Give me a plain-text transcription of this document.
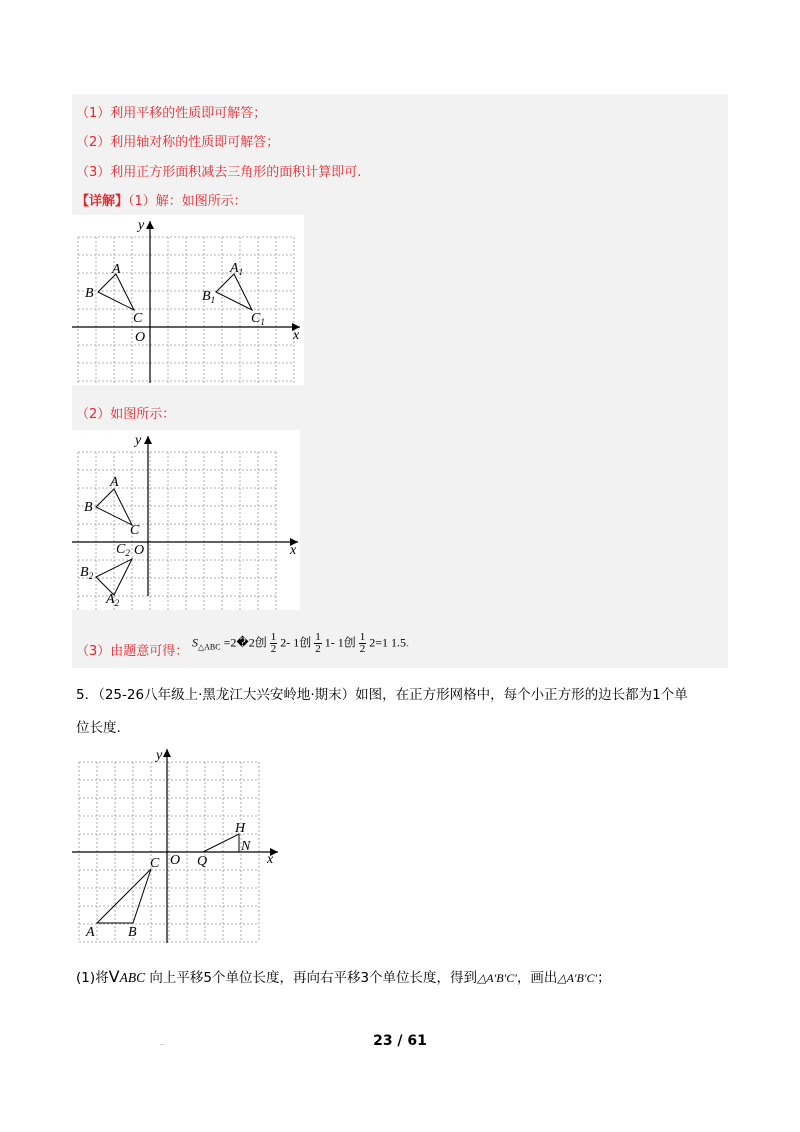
（1）利用平移的性质即可解答；
（2）利用轴对称的性质即可解答；
（3）利用正方形面积减去三角形的面积计算即可.
【详解】（1）解：如图所示：
x
y
O
A
B
C
$A_1$
$B_1$
$C_1$
（2）如图所示：
x
y
O
A
B
C
$C_2$
$B_2$
$A_2$
（3）由题意可得：
$S_{\triangle ABC}$ =2�2创 $\frac{1}{2} 2-$ 1创 $\frac{1}{2} 1-$ 1创 $\frac{1}{2} 2=1$ 1.5.
5．（25-26八年级上·黑龙江大兴安岭地·期末）如图，在正方形网格中，每个小正方形的边长都为1个单
位长度.
x
y
O
C
A B
Q
H
N
(1)将VABC 向上平移5个单位长度，再向右平移3个单位长度，得到△A′B′C′，画出△A′B′C′；
23 / 61
